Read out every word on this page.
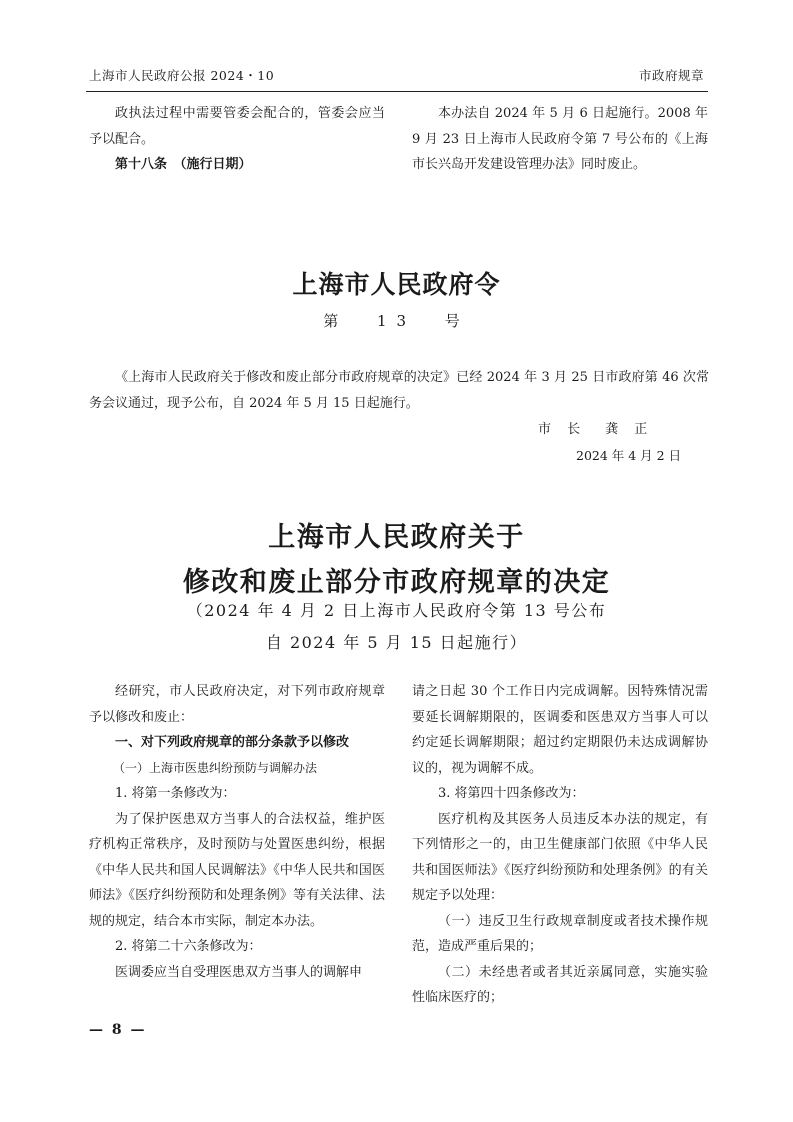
上海市人民政府公报 2024・10	市政府规章

政执法过程中需要管委会配合的，管委会应当予以配合。

第十八条　（施行日期）

本办法自 2024 年 5 月 6 日起施行。2008 年 9 月 23 日上海市人民政府令第 7 号公布的《上海市长兴岛开发建设管理办法》同时废止。

上海市人民政府令
第 13 号

《上海市人民政府关于修改和废止部分市政府规章的决定》已经 2024 年 3 月 25 日市政府第 46 次常务会议通过，现予公布，自 2024 年 5 月 15 日起施行。

市 长　龚 正
2024 年 4 月 2 日
上海市人民政府关于
修改和废止部分市政府规章的决定
（2024 年 4 月 2 日上海市人民政府令第 13 号公布
自 2024 年 5 月 15 日起施行）

经研究，市人民政府决定，对下列市政府规章予以修改和废止：

一、对下列政府规章的部分条款予以修改

（一）上海市医患纠纷预防与调解办法

1. 将第一条修改为：

为了保护医患双方当事人的合法权益，维护医疗机构正常秩序，及时预防与处置医患纠纷，根据《中华人民共和国人民调解法》《中华人民共和国医师法》《医疗纠纷预防和处理条例》等有关法律、法规的规定，结合本市实际，制定本办法。

2. 将第二十六条修改为：

医调委应当自受理医患双方当事人的调解申

请之日起 30 个工作日内完成调解。因特殊情况需要延长调解期限的，医调委和医患双方当事人可以约定延长调解期限；超过约定期限仍未达成调解协议的，视为调解不成。

3. 将第四十四条修改为：

医疗机构及其医务人员违反本办法的规定，有下列情形之一的，由卫生健康部门依照《中华人民共和国医师法》《医疗纠纷预防和处理条例》的有关规定予以处理：

（一）违反卫生行政规章制度或者技术操作规范，造成严重后果的；

（二）未经患者或者其近亲属同意，实施实验性临床医疗的；

— 8 —
